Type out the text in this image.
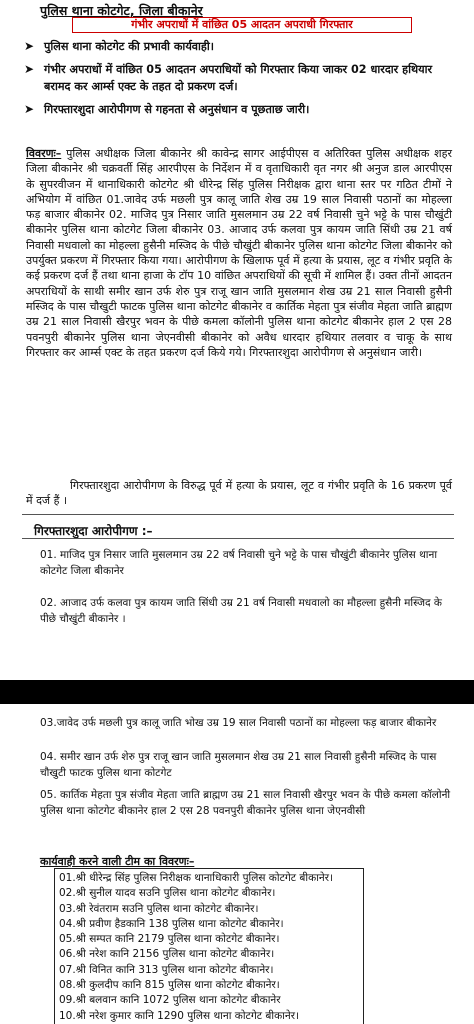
पुलिस थाना कोटगेट, जिला बीकानेर
गंभीर अपराधों में वांछित 05 आदतन अपराधी गिरफ्तार
➤ पुलिस थाना कोटगेट की प्रभावी कार्यवाही।
➤ गंभीर अपराधों में वांछित 05 आदतन अपराधियों को गिरफ्तार किया जाकर 02 धारदार हथियार बरामद कर आर्म्स एक्ट के तहत दो प्रकरण दर्ज।
➤ गिरफ्तारशुदा आरोपीगण से गहनता से अनुसंधान व पूछताछ जारी।

विवरणः– पुलिस अधीक्षक जिला बीकानेर श्री कावेन्द्र सागर आईपीएस व अतिरिक्त पुलिस अधीक्षक शहर जिला बीकानेर श्री चक्रवर्ती सिंह आरपीएस के निर्देशन में व वृताधिकारी वृत नगर श्री अनुज डाल आरपीएस के सुपरवीजन में थानाधिकारी कोटगेट श्री धीरेन्द्र सिंह पुलिस निरीक्षक द्वारा थाना स्तर पर गठित टीमों ने अभियोग में वांछित 01.जावेद उर्फ मछली पुत्र कालू जाति शेख उम्र 19 साल निवासी पठानों का मोहल्ला फड़ बाजार बीकानेर 02. माजिद पुत्र निसार जाति मुसलमान उम्र 22 वर्ष निवासी चुने भट्टे के पास चौखुंटी बीकानेर पुलिस थाना कोटगेट जिला बीकानेर 03. आजाद उर्फ कलवा पुत्र कायम जाति सिंधी उम्र 21 वर्ष निवासी मधवालो का मोहल्ला हुसैनी मस्जिद के पीछे चौखुंटी बीकानेर पुलिस थाना कोटगेट जिला बीकानेर को उपर्युक्त प्रकरण में गिरफ्तार किया गया। आरोपीगण के खिलाफ पूर्व में हत्या के प्रयास, लूट व गंभीर प्रवृति के कई प्रकरण दर्ज हैं तथा थाना हाजा के टॉप 10 वांछित अपराधियों की सूची में शामिल हैं। उक्त तीनों आदतन अपराधियों के साथी समीर खान उर्फ शेरु पुत्र राजू खान जाति मुसलमान शेख उम्र 21 साल निवासी हुसैनी मस्जिद के पास चौखुटी फाटक पुलिस थाना कोटगेट बीकानेर व कार्तिक मेहता पुत्र संजीव मेहता जाति ब्राह्मण उम्र 21 साल निवासी खैरपुर भवन के पीछे कमला कॉलोनी पुलिस थाना कोटगेट बीकानेर हाल 2 एस 28 पवनपुरी बीकानेर पुलिस थाना जेएनवीसी बीकानेर को अवैध धारदार हथियार तलवार व चाकू के साथ गिरफ्तार कर आर्म्स एक्ट के तहत प्रकरण दर्ज किये गये। गिरफ्तारशुदा आरोपीगण से अनुसंधान जारी।

गिरफ्तारशुदा आरोपीगण के विरुद्ध पूर्व में हत्या के प्रयास, लूट व गंभीर प्रवृति के 16 प्रकरण पूर्व में दर्ज हैं ।

गिरफ्तारशुदा आरोपीगण :–

01. माजिद पुत्र निसार जाति मुसलमान उम्र 22 वर्ष निवासी चुने भट्टे के पास चौखुंटी बीकानेर पुलिस थाना कोटगेट जिला बीकानेर

02. आजाद उर्फ कलवा पुत्र कायम जाति सिंधी उम्र 21 वर्ष निवासी मधवालो का मौहल्ला हुसैनी मस्जिद के पीछे चौखुंटी बीकानेर ।

03.जावेद उर्फ मछली पुत्र कालू जाति भोख उम्र 19 साल निवासी पठानों का मोहल्ला फड़ बाजार बीकानेर

04. समीर खान उर्फ शेरु पुत्र राजू खान जाति मुसलमान शेख उम्र 21 साल निवासी हुसैनी मस्जिद के पास चौखुटी फाटक पुलिस थाना कोटगेट

05. कार्तिक मेहता पुत्र संजीव मेहता जाति ब्राह्मण उम्र 21 साल निवासी खैरपुर भवन के पीछे कमला कॉलोनी पुलिस थाना कोटगेट बीकानेर हाल 2 एस 28 पवनपुरी बीकानेर पुलिस थाना जेएनवीसी

कार्यवाही करने वाली टीम का विवरणः–
01.श्री धीरेन्द्र सिंह पुलिस निरीक्षक थानाधिकारी पुलिस कोटगेट बीकानेर।
02.श्री सुनील यादव सउनि पुलिस थाना कोटगेट बीकानेर।
03.श्री रेवंतराम सउनि पुलिस थाना कोटगेट बीकानेर।
04.श्री प्रवीण हैडकानि 138 पुलिस थाना कोटगेट बीकानेर।
05.श्री सम्पत कानि 2179 पुलिस थाना कोटगेट बीकानेर।
06.श्री नरेश कानि 2156 पुलिस थाना कोटगेट बीकानेर।
07.श्री विनित कानि 313 पुलिस थाना कोटगेट बीकानेर।
08.श्री कुलदीप कानि 815 पुलिस थाना कोटगेट बीकानेर।
09.श्री बलवान कानि 1072 पुलिस थाना कोटगेट बीकानेर
10.श्री नरेश कुमार कानि 1290 पुलिस थाना कोटगेट बीकानेर।
